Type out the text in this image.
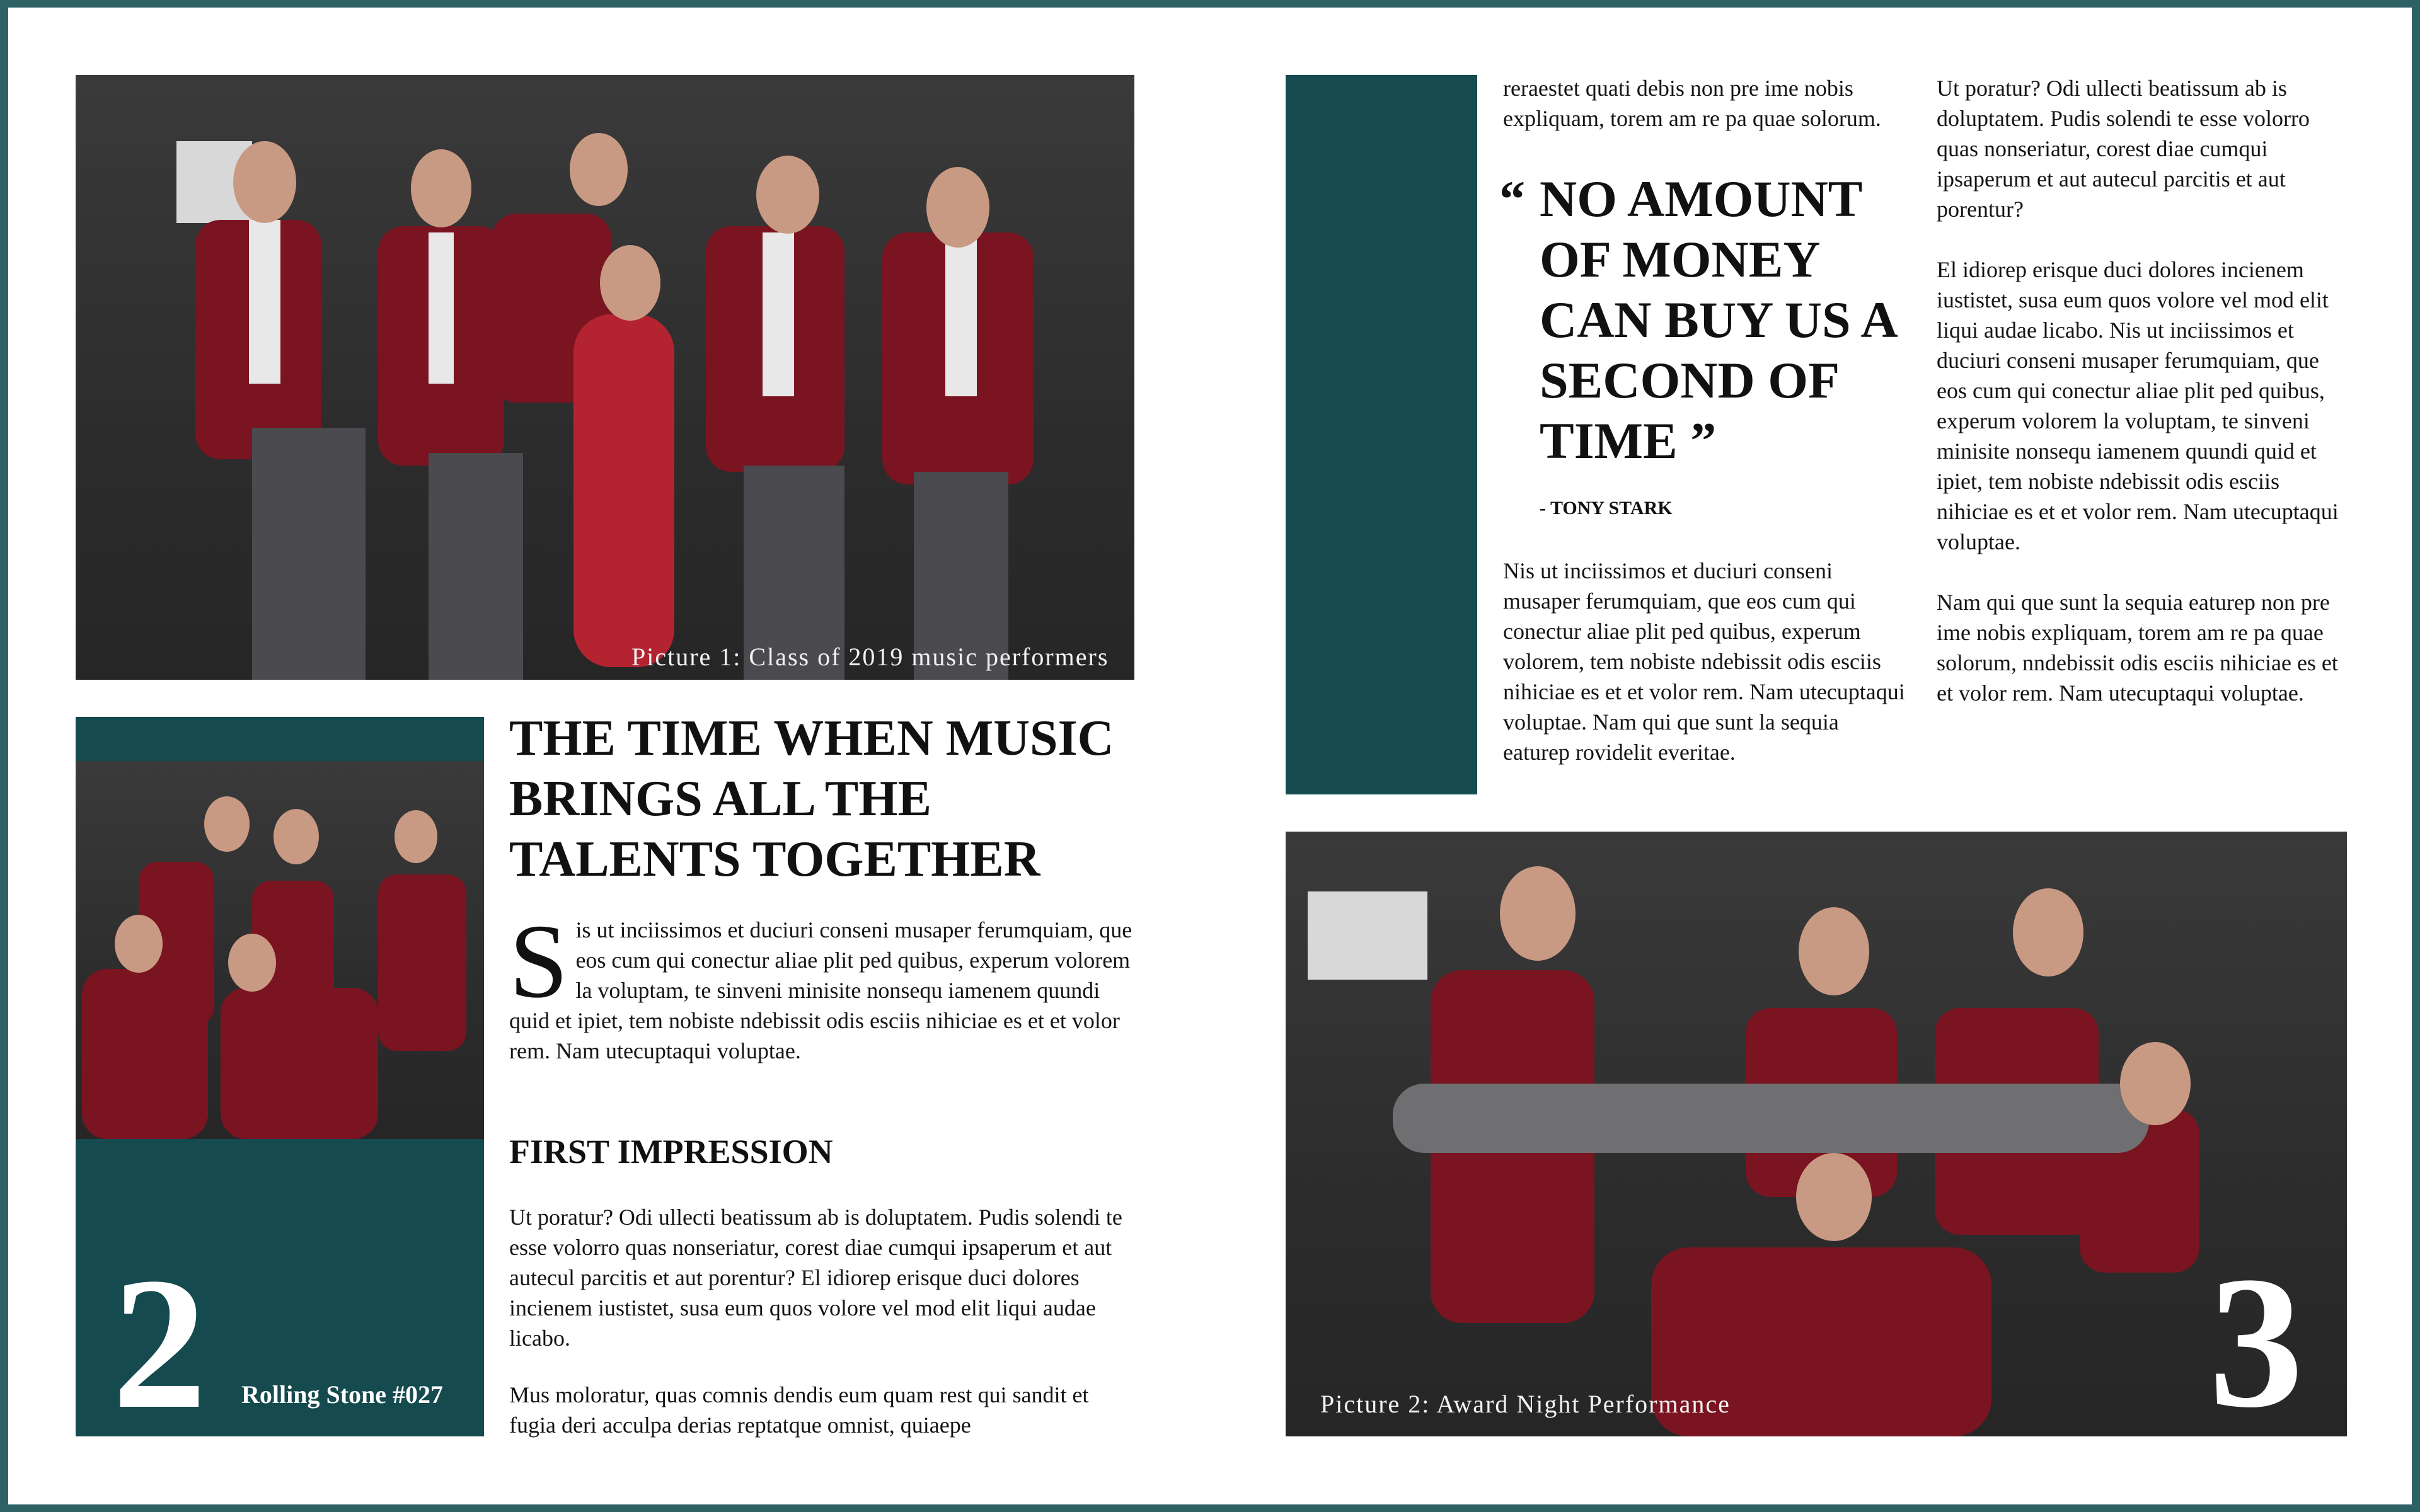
Picture 1: Class of 2019 music performers
2 Rolling Stone #027
THE TIME WHEN MUSIC BRINGS ALL THE TALENTS TOGETHER

Sis ut inciissimos et duciuri conseni musaper ferumquiam, que eos cum qui conectur aliae plit ped quibus, experum volorem la voluptam, te sinveni minisite nonsequ iamenem quundi quid et ipiet, tem nobiste ndebissit odis esciis nihiciae es et et volor rem. Nam utecuptaqui voluptae.

FIRST IMPRESSION

Ut poratur? Odi ullecti beatissum ab is doluptatem. Pudis solendi te esse volorro quas nonseriatur, corest diae cumqui ipsaperum et aut autecul parcitis et aut porentur? El idiorep erisque duci dolores incienem iustistet, susa eum quos volore vel mod elit liqui audae licabo.

Mus moloratur, quas comnis dendis eum quam rest qui sandit et fugia deri acculpa derias reptatque omnist, quiaepe

reraestet quati debis non pre ime nobis expliquam, torem am re pa quae solorum.

“ NO AMOUNT OF MONEY CAN BUY US A SECOND OF TIME ”

- TONY STARK

Nis ut inciissimos et duciuri conseni musaper ferumquiam, que eos cum qui conectur aliae plit ped quibus, experum volorem, tem nobiste ndebissit odis esciis nihiciae es et et volor rem. Nam utecuptaqui voluptae. Nam qui que sunt la sequia eaturep rovidelit everitae.

Ut poratur? Odi ullecti beatissum ab is doluptatem. Pudis solendi te esse volorro quas nonseriatur, corest diae cumqui ipsaperum et aut autecul parcitis et aut porentur?
El idiorep erisque duci dolores incienem iustistet, susa eum quos volore vel mod elit liqui audae licabo. Nis ut inciissimos et duciuri conseni musaper ferumquiam, que eos cum qui conectur aliae plit ped quibus, experum volorem la voluptam, te sinveni minisite nonsequ iamenem quundi quid et ipiet, tem nobiste ndebissit odis esciis nihiciae es et et volor rem. Nam utecuptaqui voluptae.
Nam qui que sunt la sequia eaturep non pre ime nobis expliquam, torem am re pa quae solorum, nndebissit odis esciis nihiciae es et et volor rem. Nam utecuptaqui voluptae.
Picture 2: Award Night Performance	3
